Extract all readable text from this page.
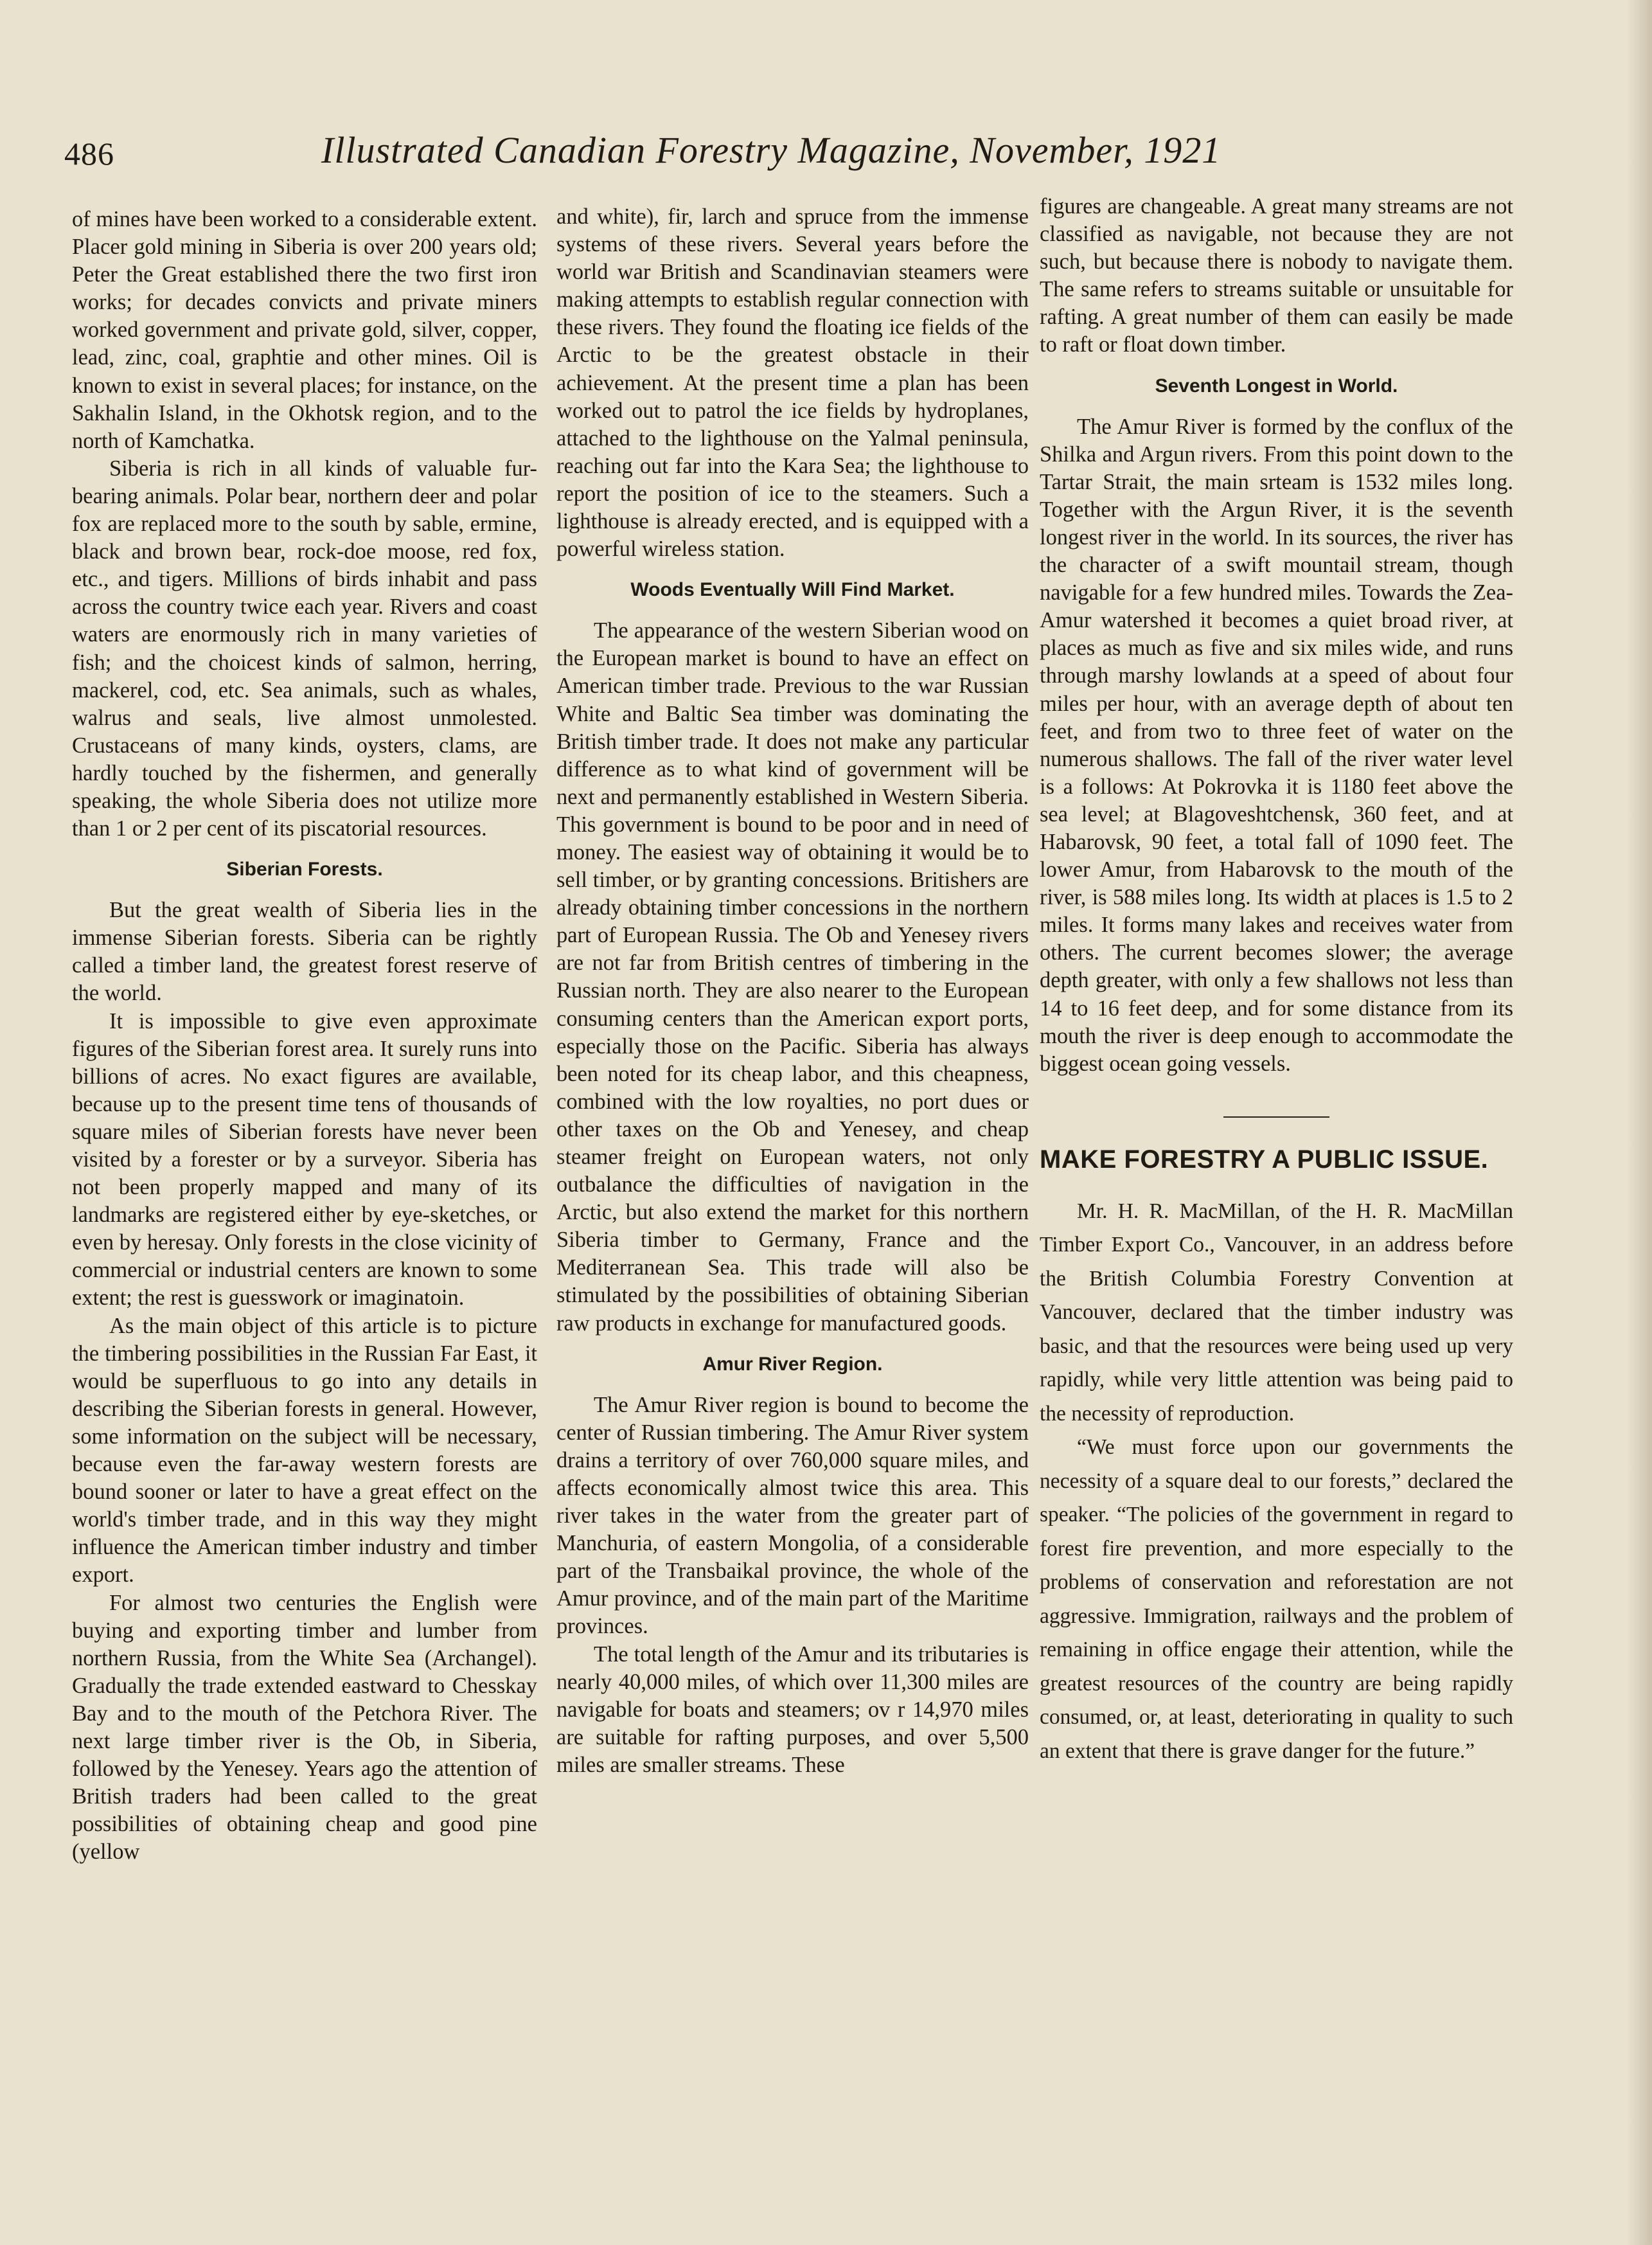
486	Illustrated Canadian Forestry Magazine, November, 1921

of mines have been worked to a considerable extent. Placer gold mining in Siberia is over 200 years old; Peter the Great established there the two first iron works; for decades convicts and private miners worked government and private gold, silver, copper, lead, zinc, coal, graphtie and other mines. Oil is known to exist in several places; for instance, on the Sakhalin Island, in the Okhotsk region, and to the north of Kamchatka.

Siberia is rich in all kinds of valuable fur-bearing animals. Polar bear, northern deer and polar fox are replaced more to the south by sable, ermine, black and brown bear, rock-doe moose, red fox, etc., and tigers. Millions of birds inhabit and pass across the country twice each year. Rivers and coast waters are enormously rich in many varieties of fish; and the choicest kinds of salmon, herring, mackerel, cod, etc. Sea animals, such as whales, walrus and seals, live almost unmolested. Crustaceans of many kinds, oysters, clams, are hardly touched by the fishermen, and generally speaking, the whole Siberia does not utilize more than 1 or 2 per cent of its piscatorial resources.

Siberian Forests.

But the great wealth of Siberia lies in the immense Siberian forests. Siberia can be rightly called a timber land, the greatest forest reserve of the world.

It is impossible to give even approximate figures of the Siberian forest area. It surely runs into billions of acres. No exact figures are available, because up to the present time tens of thousands of square miles of Siberian forests have never been visited by a forester or by a surveyor. Siberia has not been properly mapped and many of its landmarks are registered either by eye-sketches, or even by heresay. Only forests in the close vicinity of commercial or industrial centers are known to some extent; the rest is guesswork or imaginatoin.

As the main object of this article is to picture the timbering possibilities in the Russian Far East, it would be superfluous to go into any details in describing the Siberian forests in general. However, some information on the subject will be necessary, because even the far-away western forests are bound sooner or later to have a great effect on the world's timber trade, and in this way they might influence the American timber industry and timber export.

For almost two centuries the English were buying and exporting timber and lumber from northern Russia, from the White Sea (Archangel). Gradually the trade extended eastward to Chesskay Bay and to the mouth of the Petchora River. The next large timber river is the Ob, in Siberia, followed by the Yenesey. Years ago the attention of British traders had been called to the great possibilities of obtaining cheap and good pine (yellow

and white), fir, larch and spruce from the immense systems of these rivers. Several years before the world war British and Scandinavian steamers were making attempts to establish regular connection with these rivers. They found the floating ice fields of the Arctic to be the greatest obstacle in their achievement. At the present time a plan has been worked out to patrol the ice fields by hydroplanes, attached to the lighthouse on the Yalmal peninsula, reaching out far into the Kara Sea; the lighthouse to report the position of ice to the steamers. Such a lighthouse is already erected, and is equipped with a powerful wireless station.

Woods Eventually Will Find Market.

The appearance of the western Siberian wood on the European market is bound to have an effect on American timber trade. Previous to the war Russian White and Baltic Sea timber was dominating the British timber trade. It does not make any particular difference as to what kind of government will be next and permanently established in Western Siberia. This government is bound to be poor and in need of money. The easiest way of obtaining it would be to sell timber, or by granting concessions. Britishers are already obtaining timber concessions in the northern part of European Russia. The Ob and Yenesey rivers are not far from British centres of timbering in the Russian north. They are also nearer to the European consuming centers than the American export ports, especially those on the Pacific. Siberia has always been noted for its cheap labor, and this cheapness, combined with the low royalties, no port dues or other taxes on the Ob and Yenesey, and cheap steamer freight on European waters, not only outbalance the difficulties of navigation in the Arctic, but also extend the market for this northern Siberia timber to Germany, France and the Mediterranean Sea. This trade will also be stimulated by the possibilities of obtaining Siberian raw products in exchange for manufactured goods.

Amur River Region.

The Amur River region is bound to become the center of Russian timbering. The Amur River system drains a territory of over 760,000 square miles, and affects economically almost twice this area. This river takes in the water from the greater part of Manchuria, of eastern Mongolia, of a considerable part of the Transbaikal province, the whole of the Amur province, and of the main part of the Maritime provinces.

The total length of the Amur and its tributaries is nearly 40,000 miles, of which over 11,300 miles are navigable for boats and steamers; ov r 14,970 miles are suitable for rafting purposes, and over 5,500 miles are smaller streams. These

figures are changeable. A great many streams are not classified as navigable, not because they are not such, but because there is nobody to navigate them. The same refers to streams suitable or unsuitable for rafting. A great number of them can easily be made to raft or float down timber.

Seventh Longest in World.

The Amur River is formed by the conflux of the Shilka and Argun rivers. From this point down to the Tartar Strait, the main srteam is 1532 miles long. Together with the Argun River, it is the seventh longest river in the world. In its sources, the river has the character of a swift mountail stream, though navigable for a few hundred miles. Towards the Zea-Amur watershed it becomes a quiet broad river, at places as much as five and six miles wide, and runs through marshy lowlands at a speed of about four miles per hour, with an average depth of about ten feet, and from two to three feet of water on the numerous shallows. The fall of the river water level is a follows: At Pokrovka it is 1180 feet above the sea level; at Blagoveshtchensk, 360 feet, and at Habarovsk, 90 feet, a total fall of 1090 feet. The lower Amur, from Habarovsk to the mouth of the river, is 588 miles long. Its width at places is 1.5 to 2 miles. It forms many lakes and receives water from others. The current becomes slower; the average depth greater, with only a few shallows not less than 14 to 16 feet deep, and for some distance from its mouth the river is deep enough to accommodate the biggest ocean going vessels.

MAKE FORESTRY A PUBLIC ISSUE.

Mr. H. R. MacMillan, of the H. R. MacMillan Timber Export Co., Vancouver, in an address before the British Columbia Forestry Convention at Vancouver, declared that the timber industry was basic, and that the resources were being used up very rapidly, while very little attention was being paid to the necessity of reproduction.

“We must force upon our governments the necessity of a square deal to our forests,” declared the speaker. “The policies of the government in regard to forest fire prevention, and more especially to the problems of conservation and reforestation are not aggressive. Immigration, railways and the problem of remaining in office engage their attention, while the greatest resources of the country are being rapidly consumed, or, at least, deteriorating in quality to such an extent that there is grave danger for the future.”
